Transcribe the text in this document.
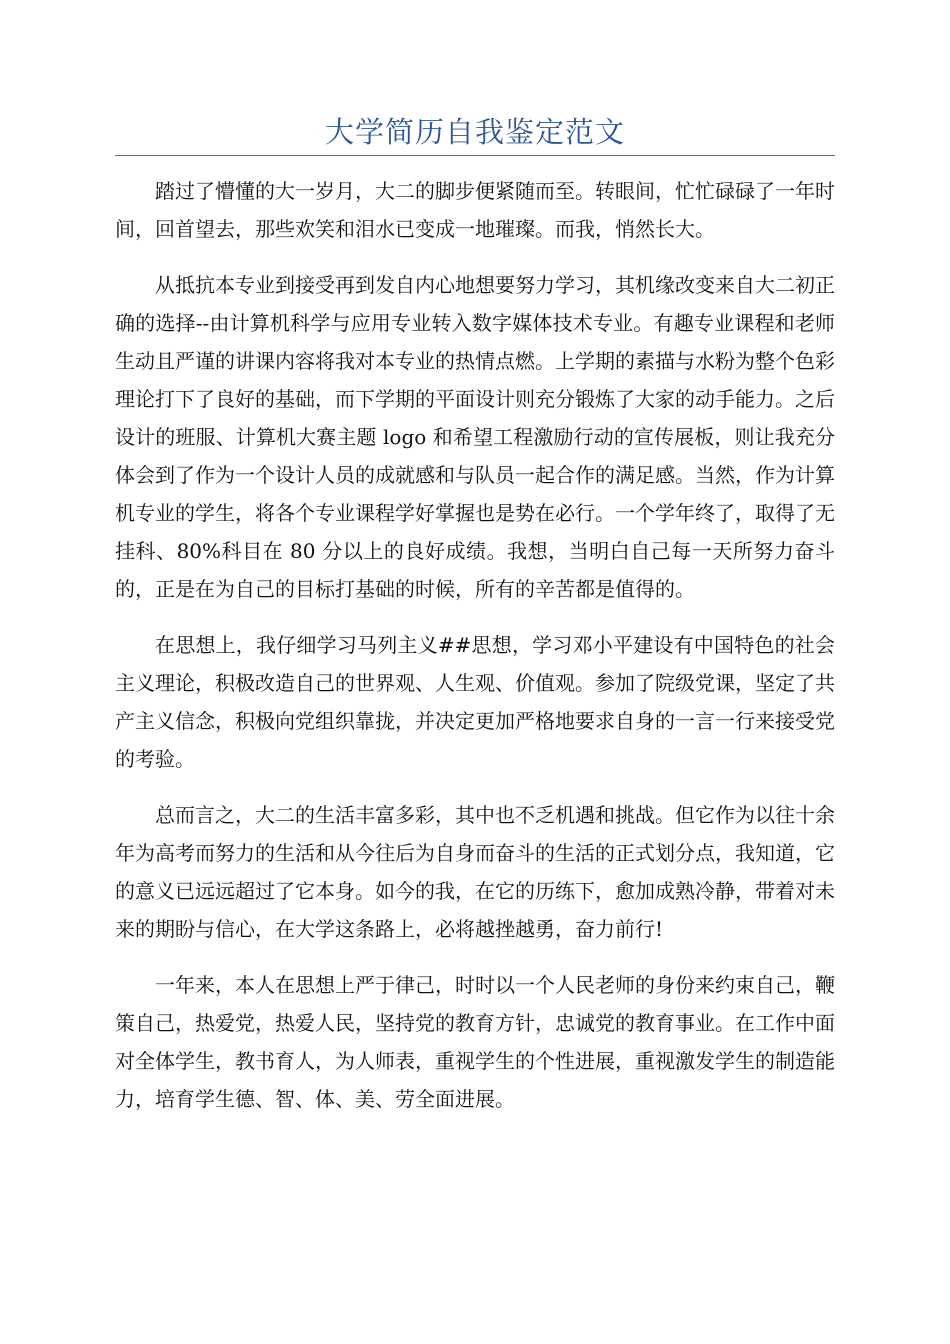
大学简历自我鉴定范文

踏过了懵懂的大一岁月，大二的脚步便紧随而至。转眼间，忙忙碌碌了一年时间，回首望去，那些欢笑和泪水已变成一地璀璨。而我，悄然长大。

从抵抗本专业到接受再到发自内心地想要努力学习，其机缘改变来自大二初正确的选择--由计算机科学与应用专业转入数字媒体技术专业。有趣专业课程和老师生动且严谨的讲课内容将我对本专业的热情点燃。上学期的素描与水粉为整个色彩理论打下了良好的基础，而下学期的平面设计则充分锻炼了大家的动手能力。之后设计的班服、计算机大赛主题 logo 和希望工程激励行动的宣传展板，则让我充分体会到了作为一个设计人员的成就感和与队员一起合作的满足感。当然，作为计算机专业的学生，将各个专业课程学好掌握也是势在必行。一个学年终了，取得了无挂科、80%科目在 80 分以上的良好成绩。我想，当明白自己每一天所努力奋斗的，正是在为自己的目标打基础的时候，所有的辛苦都是值得的。

在思想上，我仔细学习马列主义##思想，学习邓小平建设有中国特色的社会主义理论，积极改造自己的世界观、人生观、价值观。参加了院级党课，坚定了共产主义信念，积极向党组织靠拢，并决定更加严格地要求自身的一言一行来接受党的考验。

总而言之，大二的生活丰富多彩，其中也不乏机遇和挑战。但它作为以往十余年为高考而努力的生活和从今往后为自身而奋斗的生活的正式划分点，我知道，它的意义已远远超过了它本身。如今的我，在它的历练下，愈加成熟冷静，带着对未来的期盼与信心，在大学这条路上，必将越挫越勇，奋力前行!

一年来，本人在思想上严于律己，时时以一个人民老师的身份来约束自己，鞭策自己，热爱党，热爱人民，坚持党的教育方针，忠诚党的教育事业。在工作中面对全体学生，教书育人，为人师表，重视学生的个性进展，重视激发学生的制造能力，培育学生德、智、体、美、劳全面进展。
